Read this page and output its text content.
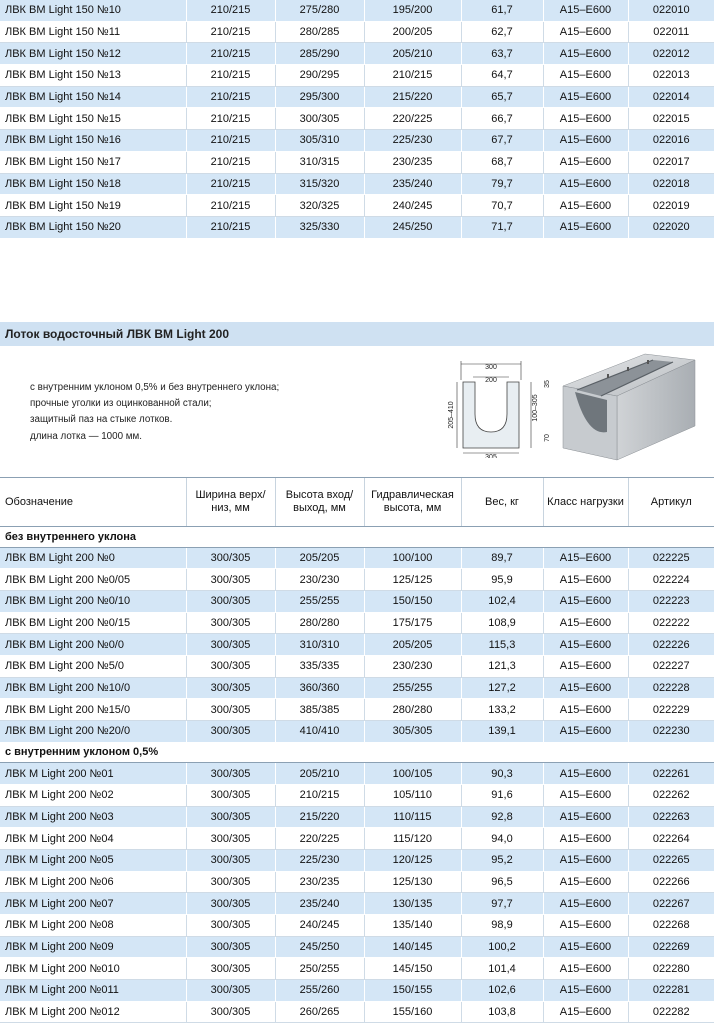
ЛВК ВМ Light 150 №10	210/215	275/280	195/200	61,7	A15–E600	022010
ЛВК ВМ Light 150 №11	210/215	280/285	200/205	62,7	A15–E600	022011
ЛВК ВМ Light 150 №12	210/215	285/290	205/210	63,7	A15–E600	022012
ЛВК ВМ Light 150 №13	210/215	290/295	210/215	64,7	A15–E600	022013
ЛВК ВМ Light 150 №14	210/215	295/300	215/220	65,7	A15–E600	022014
ЛВК ВМ Light 150 №15	210/215	300/305	220/225	66,7	A15–E600	022015
ЛВК ВМ Light 150 №16	210/215	305/310	225/230	67,7	A15–E600	022016
ЛВК ВМ Light 150 №17	210/215	310/315	230/235	68,7	A15–E600	022017
ЛВК ВМ Light 150 №18	210/215	315/320	235/240	79,7	A15–E600	022018
ЛВК ВМ Light 150 №19	210/215	320/325	240/245	70,7	A15–E600	022019
ЛВК ВМ Light 150 №20	210/215	325/330	245/250	71,7	A15–E600	022020
Лоток водосточный ЛВК ВМ Light 200
с внутренним уклоном 0,5% и без внутреннего уклона;
прочные уголки из оцинкованной стали;
защитный паз на стыке лотков.
длина лотка — 1000 мм.
300
200
305
205–410	100–305
35
70
Обозначение	Ширина верх/низ, мм	Высота вход/выход, мм	Гидравлическая высота, мм	Вес, кг	Класс нагрузки	Артикул
без внутреннего уклона						
ЛВК ВМ Light 200 №0	300/305	205/205	100/100	89,7	A15–E600	022225
ЛВК ВМ Light 200 №0/05	300/305	230/230	125/125	95,9	A15–E600	022224
ЛВК ВМ Light 200 №0/10	300/305	255/255	150/150	102,4	A15–E600	022223
ЛВК ВМ Light 200 №0/15	300/305	280/280	175/175	108,9	A15–E600	022222
ЛВК ВМ Light 200 №0/0	300/305	310/310	205/205	115,3	A15–E600	022226
ЛВК ВМ Light 200 №5/0	300/305	335/335	230/230	121,3	A15–E600	022227
ЛВК ВМ Light 200 №10/0	300/305	360/360	255/255	127,2	A15–E600	022228
ЛВК ВМ Light 200 №15/0	300/305	385/385	280/280	133,2	A15–E600	022229
ЛВК ВМ Light 200 №20/0	300/305	410/410	305/305	139,1	A15–E600	022230
с внутренним уклоном 0,5%						
ЛВК М Light 200 №01	300/305	205/210	100/105	90,3	A15–E600	022261
ЛВК М Light 200 №02	300/305	210/215	105/110	91,6	A15–E600	022262
ЛВК М Light 200 №03	300/305	215/220	110/115	92,8	A15–E600	022263
ЛВК М Light 200 №04	300/305	220/225	115/120	94,0	A15–E600	022264
ЛВК М Light 200 №05	300/305	225/230	120/125	95,2	A15–E600	022265
ЛВК М Light 200 №06	300/305	230/235	125/130	96,5	A15–E600	022266
ЛВК М Light 200 №07	300/305	235/240	130/135	97,7	A15–E600	022267
ЛВК М Light 200 №08	300/305	240/245	135/140	98,9	A15–E600	022268
ЛВК М Light 200 №09	300/305	245/250	140/145	100,2	A15–E600	022269
ЛВК М Light 200 №010	300/305	250/255	145/150	101,4	A15–E600	022280
ЛВК М Light 200 №011	300/305	255/260	150/155	102,6	A15–E600	022281
ЛВК М Light 200 №012	300/305	260/265	155/160	103,8	A15–E600	022282
